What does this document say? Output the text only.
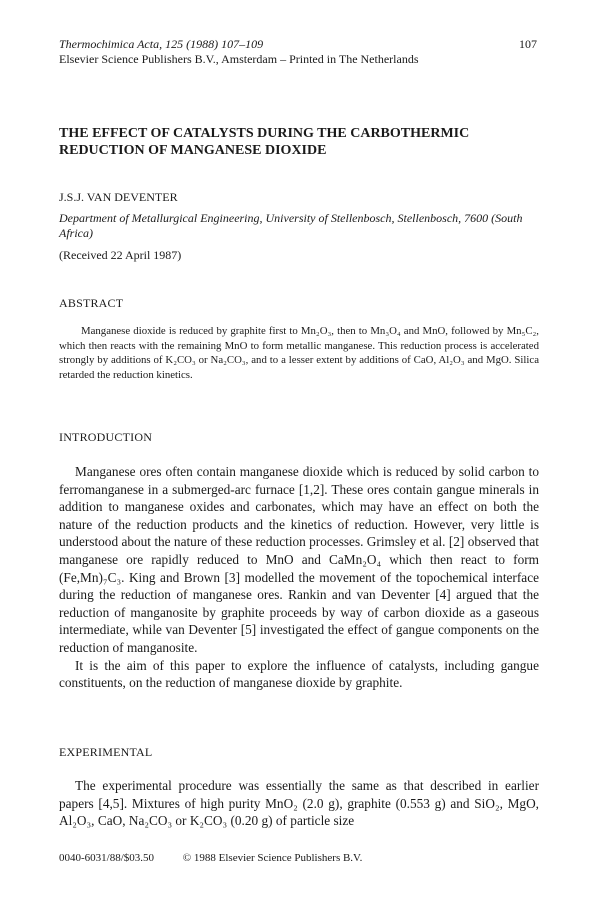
Thermochimica Acta, 125 (1988) 107–109	107
Elsevier Science Publishers B.V., Amsterdam – Printed in The Netherlands
THE EFFECT OF CATALYSTS DURING THE CARBOTHERMIC REDUCTION OF MANGANESE DIOXIDE
J.S.J. VAN DEVENTER
Department of Metallurgical Engineering, University of Stellenbosch, Stellenbosch, 7600 (South Africa)
(Received 22 April 1987)
ABSTRACT

Manganese dioxide is reduced by graphite first to Mn₂O₃, then to Mn₃O₄ and MnO, followed by Mn₅C₂, which then reacts with the remaining MnO to form metallic manganese. This reduction process is accelerated strongly by additions of K₂CO₃ or Na₂CO₃, and to a lesser extent by additions of CaO, Al₂O₃ and MgO. Silica retarded the reduction kinetics.

INTRODUCTION

Manganese ores often contain manganese dioxide which is reduced by solid carbon to ferromanganese in a submerged-arc furnace [1,2]. These ores contain gangue minerals in addition to manganese oxides and carbonates, which may have an effect on both the nature of the reduction products and the kinetics of reduction. However, very little is understood about the nature of these reduction processes. Grimsley et al. [2] observed that manganese ore rapidly reduced to MnO and CaMn₂O₄ which then react to form (Fe,Mn)₇C₃. King and Brown [3] modelled the movement of the topochemical interface during the reduction of manganese ores. Rankin and van Deventer [4] argued that the reduction of manganosite by graphite proceeds by way of carbon dioxide as a gaseous intermediate, while van Deventer [5] investigated the effect of gangue components on the reduction of manganosite.

It is the aim of this paper to explore the influence of catalysts, including gangue constituents, on the reduction of manganese dioxide by graphite.

EXPERIMENTAL

The experimental procedure was essentially the same as that described in earlier papers [4,5]. Mixtures of high purity MnO₂ (2.0 g), graphite (0.553 g) and SiO₂, MgO, Al₂O₃, CaO, Na₂CO₃ or K₂CO₃ (0.20 g) of particle size

0040-6031/88/$03.50	© 1988 Elsevier Science Publishers B.V.
